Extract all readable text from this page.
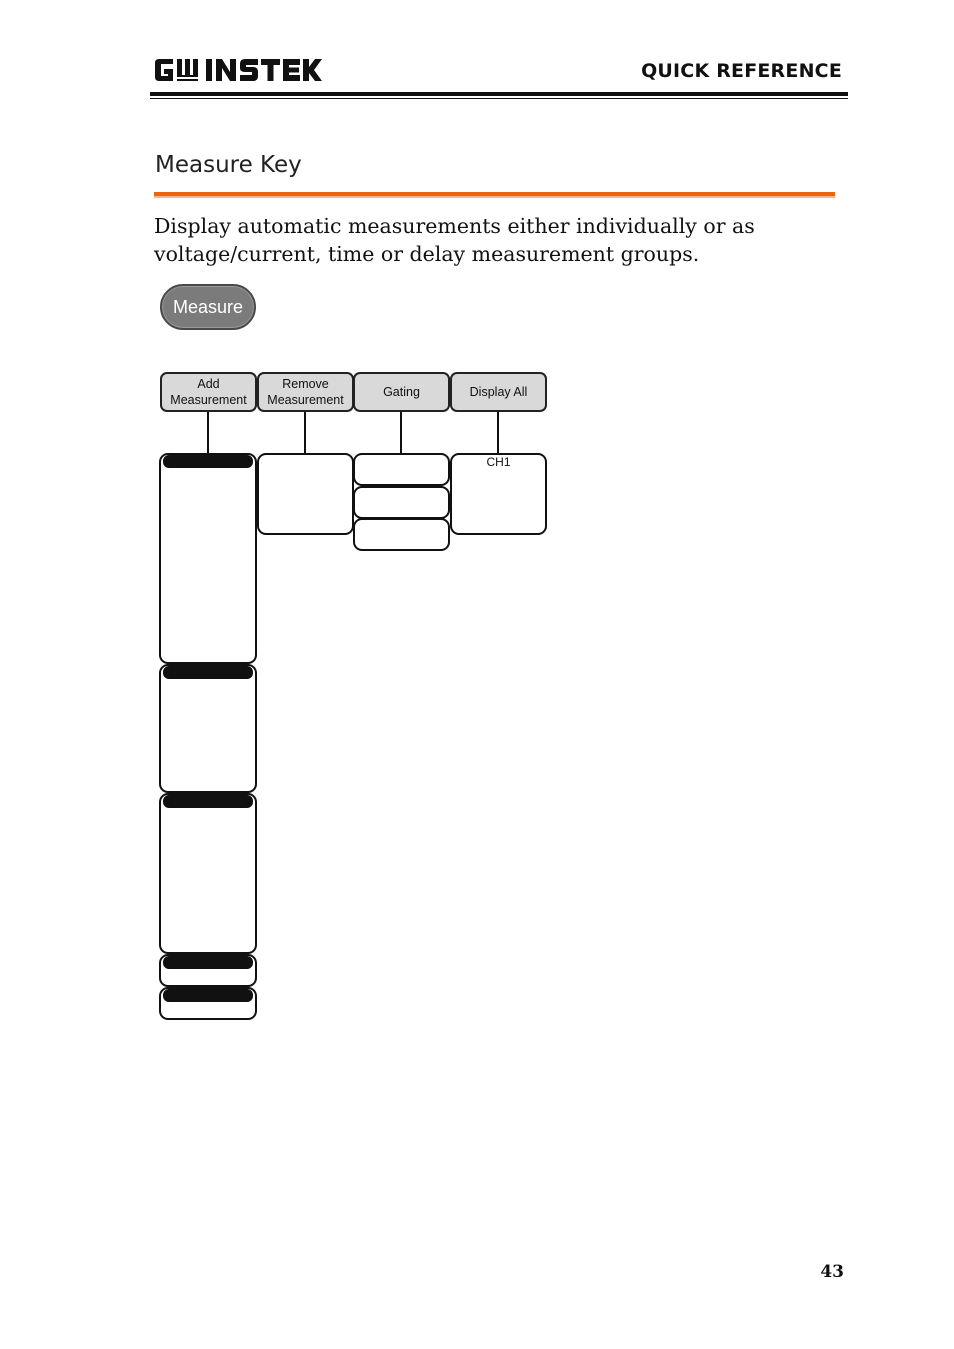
QUICK REFERENCE
Measure Key
Display automatic measurements either individually or as voltage/current, time or delay measurement groups.
Measure
Add
Measurement
Remove
Measurement
Gating	Display All
CH1
43
